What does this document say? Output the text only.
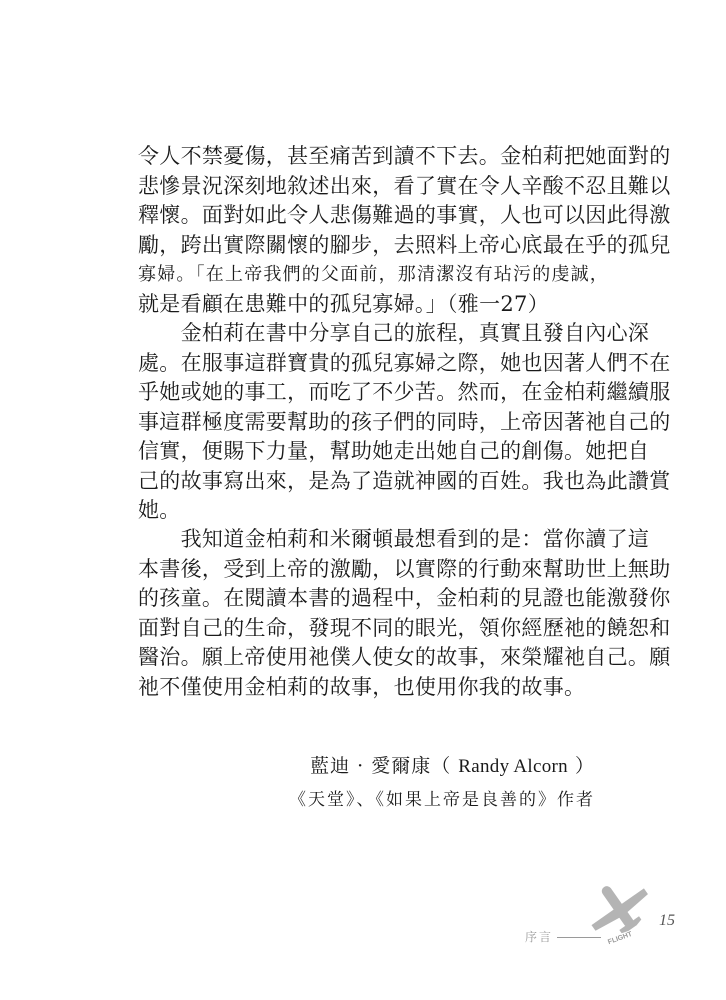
令人不禁憂傷，甚至痛苦到讀不下去。金柏莉把她面對的
悲慘景況深刻地敘述出來，看了實在令人辛酸不忍且難以
釋懷。面對如此令人悲傷難過的事實，人也可以因此得激
勵，跨出實際關懷的腳步，去照料上帝心底最在乎的孤兒
寡婦。「在上帝我們的父面前，那清潔沒有玷污的虔誠，
就是看顧在患難中的孤兒寡婦。」（雅一27）
　　金柏莉在書中分享自己的旅程，真實且發自內心深
處。在服事這群寶貴的孤兒寡婦之際，她也因著人們不在
乎她或她的事工，而吃了不少苦。然而，在金柏莉繼續服
事這群極度需要幫助的孩子們的同時，上帝因著祂自己的
信實，便賜下力量，幫助她走出她自己的創傷。她把自
己的故事寫出來，是為了造就神國的百姓。我也為此讚賞
她。
　　我知道金柏莉和米爾頓最想看到的是：當你讀了這
本書後，受到上帝的激勵，以實際的行動來幫助世上無助
的孩童。在閱讀本書的過程中，金柏莉的見證也能激發你
面對自己的生命，發現不同的眼光，領你經歷祂的饒恕和
醫治。願上帝使用祂僕人使女的故事，來榮耀祂自己。願
祂不僅使用金柏莉的故事，也使用你我的故事。
藍迪 · 愛爾康（ Randy Alcorn ）
《天堂》、《如果上帝是良善的》作者
序言	FLIGHT
15
